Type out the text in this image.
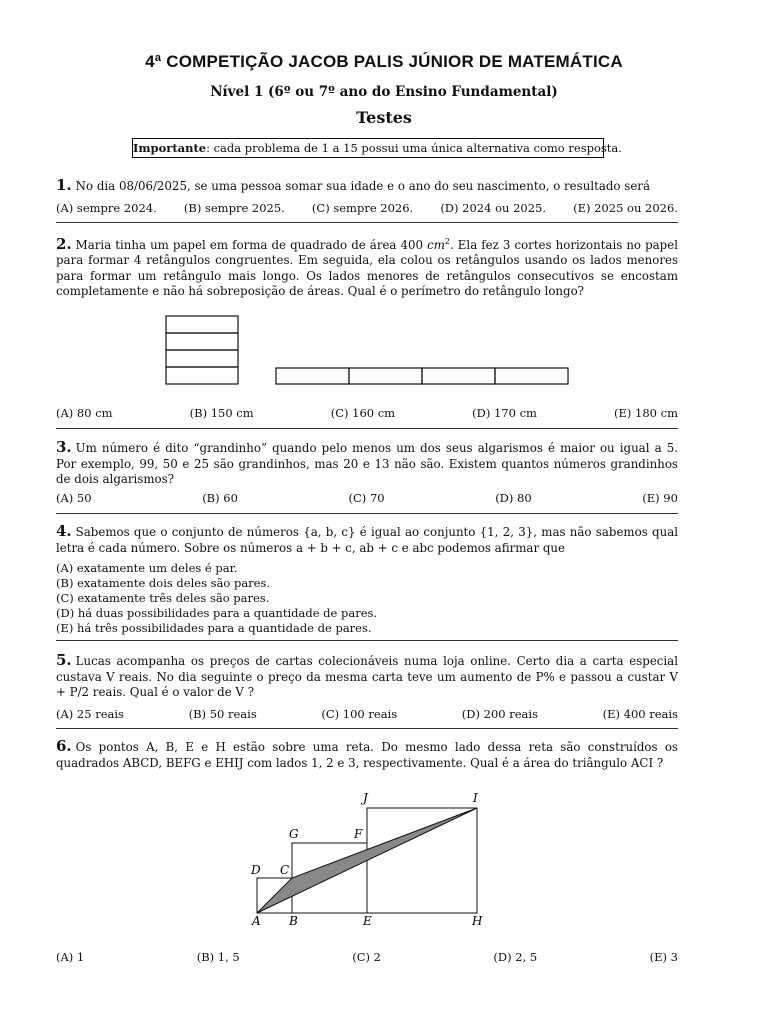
4ª COMPETIÇÃO JACOB PALIS JÚNIOR DE MATEMÁTICA
Nível 1 (6º ou 7º ano do Ensino Fundamental)
Testes
Importante: cada problema de 1 a 15 possui uma única alternativa como resposta.
1. No dia 08/06/2025, se uma pessoa somar sua idade e o ano do seu nascimento, o resultado será
(A) sempre 2024. (B) sempre 2025. (C) sempre 2026. (D) 2024 ou 2025. (E) 2025 ou 2026.
2. Maria tinha um papel em forma de quadrado de área 400 $cm^2$. Ela fez 3 cortes horizontais no papel para formar 4 retângulos congruentes. Em seguida, ela colou os retângulos usando os lados menores para formar um retângulo mais longo. Os lados menores de retângulos consecutivos se encostam completamente e não há sobreposição de áreas. Qual é o perímetro do retângulo longo?
(A) 80 cm	(B) 150 cm	(C) 160 cm	(D) 170 cm	(E) 180 cm
3. Um número é dito “grandinho” quando pelo menos um dos seus algarismos é maior ou igual a 5. Por exemplo, 99, 50 e 25 são grandinhos, mas 20 e 13 não são. Existem quantos números grandinhos de dois algarismos?
(A) 50	(B) 60	(C) 70	(D) 80	(E) 90
4. Sabemos que o conjunto de números {a, b, c} é igual ao conjunto {1, 2, 3}, mas não sabemos qual letra é cada número. Sobre os números a + b + c, ab + c e abc podemos afirmar que
(A) exatamente um deles é par.
(B) exatamente dois deles são pares.
(C) exatamente três deles são pares.
(D) há duas possibilidades para a quantidade de pares.
(E) há três possibilidades para a quantidade de pares.
5. Lucas acompanha os preços de cartas colecionáveis numa loja online. Certo dia a carta especial custava V reais. No dia seguinte o preço da mesma carta teve um aumento de P% e passou a custar V + P/2 reais. Qual é o valor de V ?
(A) 25 reais	(B) 50 reais	(C) 100 reais	(D) 200 reais	(E) 400 reais
6. Os pontos A, B, E e H estão sobre uma reta. Do mesmo lado dessa reta são construídos os quadrados ABCD, BEFG e EHIJ com lados 1, 2 e 3, respectivamente. Qual é a área do triângulo ACI ?
A B	E	H
C
D
G	F
J	I
(A) 1	(B) 1, 5	(C) 2	(D) 2, 5	(E) 3
